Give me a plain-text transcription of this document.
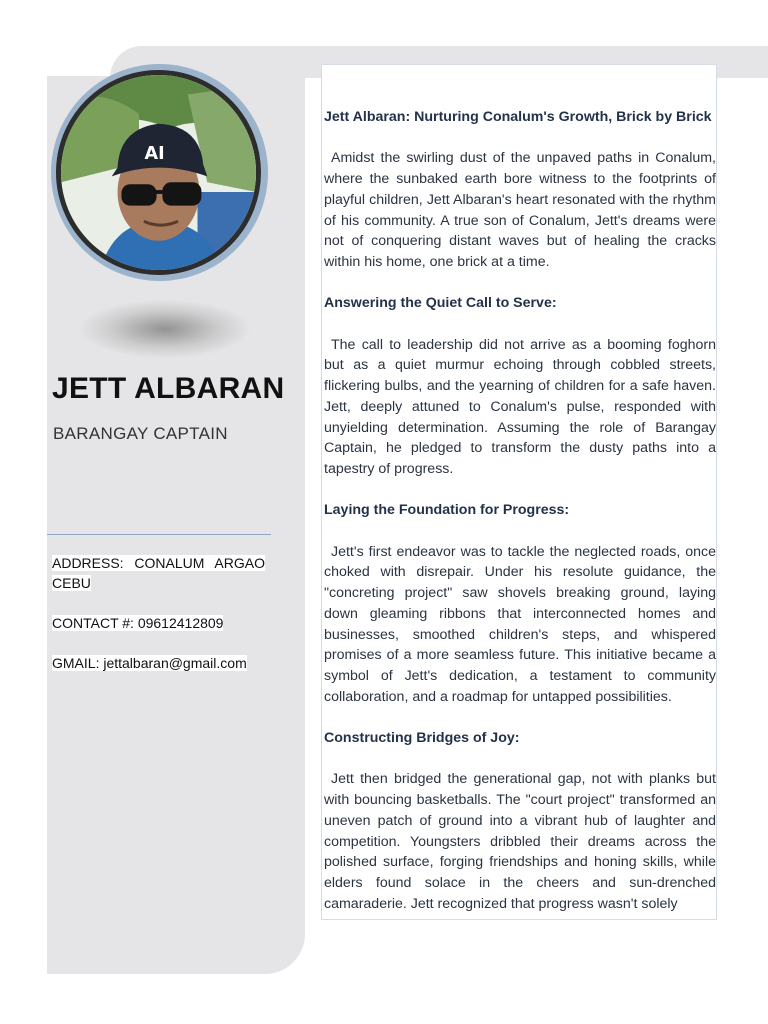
AI
JETT ALBARAN
BARANGAY CAPTAIN
ADDRESS: CONALUM ARGAO CEBU
CONTACT #: 09612412809
GMAIL: jettalbaran@gmail.com
Jett Albaran: Nurturing Conalum's Growth, Brick by Brick

Amidst the swirling dust of the unpaved paths in Conalum, where the sunbaked earth bore witness to the footprints of playful children, Jett Albaran's heart resonated with the rhythm of his community. A true son of Conalum, Jett's dreams were not of conquering distant waves but of healing the cracks within his home, one brick at a time.

Answering the Quiet Call to Serve:

The call to leadership did not arrive as a booming foghorn but as a quiet murmur echoing through cobbled streets, flickering bulbs, and the yearning of children for a safe haven. Jett, deeply attuned to Conalum's pulse, responded with unyielding determination. Assuming the role of Barangay Captain, he pledged to transform the dusty paths into a tapestry of progress.

Laying the Foundation for Progress:

Jett's first endeavor was to tackle the neglected roads, once choked with disrepair. Under his resolute guidance, the "concreting project" saw shovels breaking ground, laying down gleaming ribbons that interconnected homes and businesses, smoothed children's steps, and whispered promises of a more seamless future. This initiative became a symbol of Jett's dedication, a testament to community collaboration, and a roadmap for untapped possibilities.

Constructing Bridges of Joy:

Jett then bridged the generational gap, not with planks but with bouncing basketballs. The "court project" transformed an uneven patch of ground into a vibrant hub of laughter and competition. Youngsters dribbled their dreams across the polished surface, forging friendships and honing skills, while elders found solace in the cheers and sun-drenched camaraderie. Jett recognized that progress wasn't solely
